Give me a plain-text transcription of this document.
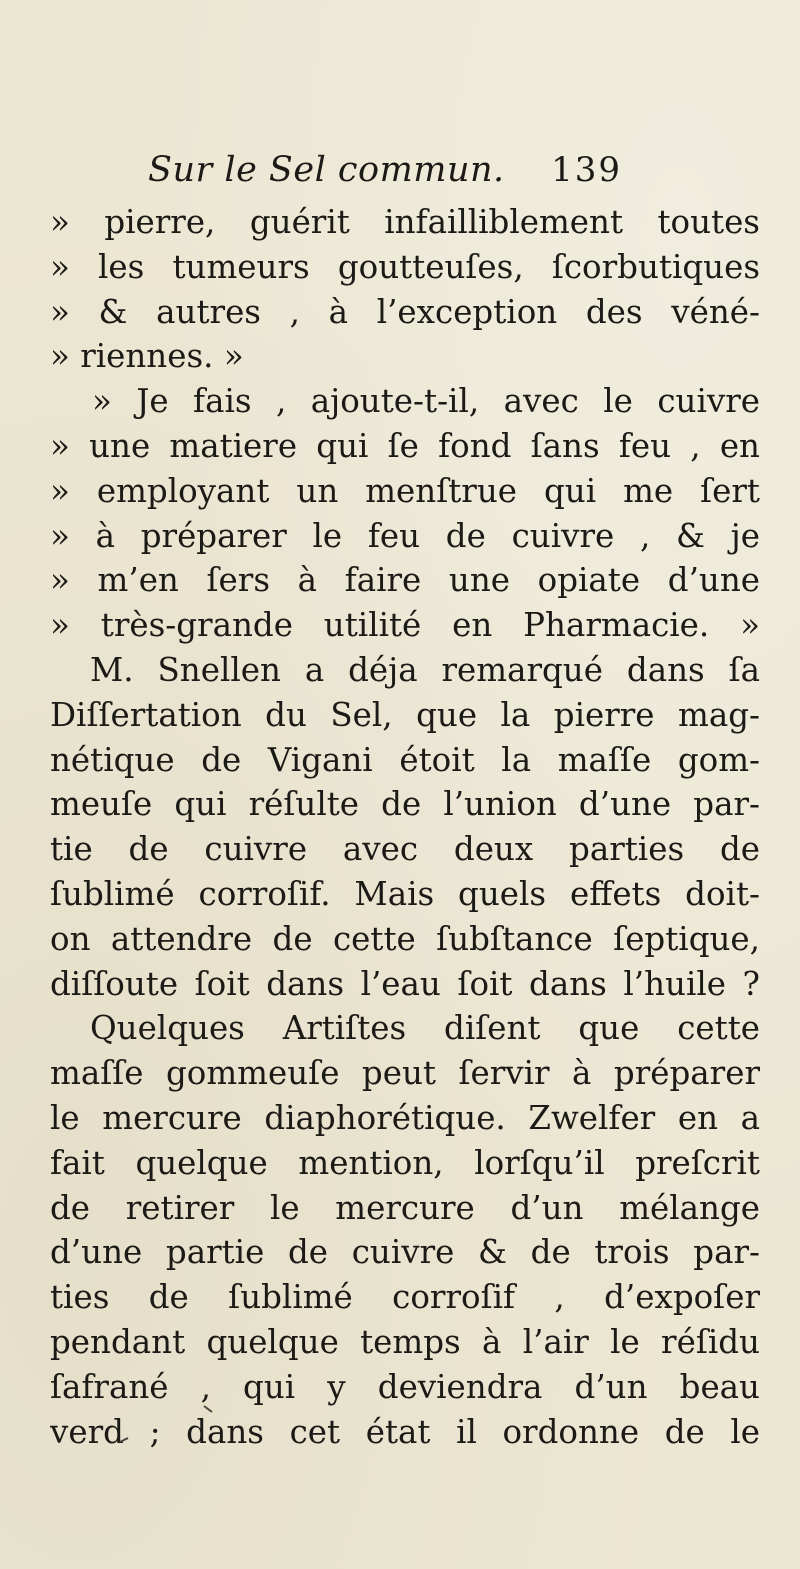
Sur le Sel commun. 139
» pierre, guérit infailliblement toutes
» les tumeurs goutteuſes, ſcorbutiques
» & autres , à l’exception des véné-
» riennes. »
» Je fais , ajoute-t-il, avec le cuivre
» une matiere qui ſe fond ſans feu , en
» employant un menſtrue qui me ſert
» à préparer le feu de cuivre , & je
» m’en ſers à faire une opiate d’une
» très-grande utilité en Pharmacie. »
M. Snellen a déja remarqué dans ſa
Diſſertation du Sel, que la pierre mag-
nétique de Vigani étoit la maſſe gom-
meuſe qui réſulte de l’union d’une par-
tie de cuivre avec deux parties de
ſublimé corroſif. Mais quels effets doit-
on attendre de cette ſubſtance ſeptique,
diſſoute ſoit dans l’eau ſoit dans l’huile ?
Quelques Artiſtes diſent que cette
maſſe gommeuſe peut ſervir à préparer
le mercure diaphorétique. Zwelfer en a
fait quelque mention, lorſqu’il preſcrit
de retirer le mercure d’un mélange
d’une partie de cuivre & de trois par-
ties de ſublimé corroſif , d’expoſer
pendant quelque temps à l’air le réſidu
ſafrané , qui y deviendra d’un beau
verd ; dans cet état il ordonne de le
